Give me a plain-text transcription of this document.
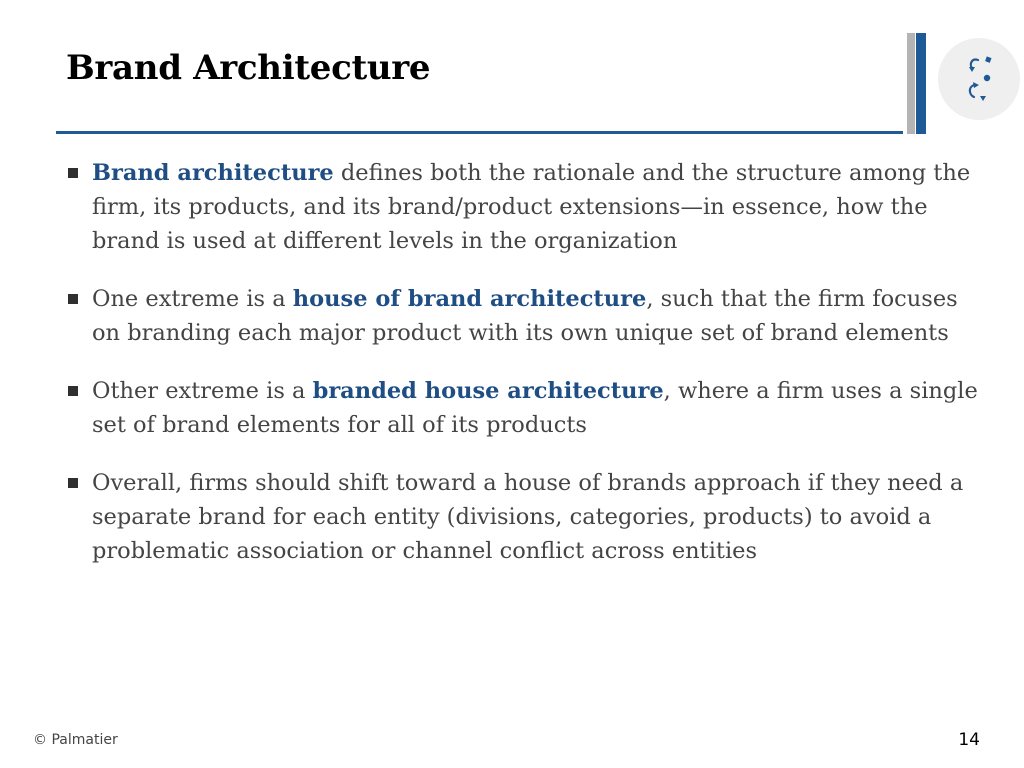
Brand Architecture
Brand architecture defines both the rationale and the structure among the firm, its products, and its brand/product extensions—in essence, how the brand is used at different levels in the organization
One extreme is a house of brand architecture, such that the firm focuses on branding each major product with its own unique set of brand elements
Other extreme is a branded house architecture, where a firm uses a single set of brand elements for all of its products
Overall, firms should shift toward a house of brands approach if they need a separate brand for each entity (divisions, categories, products) to avoid a problematic association or channel conflict across entities
© Palmatier	14
